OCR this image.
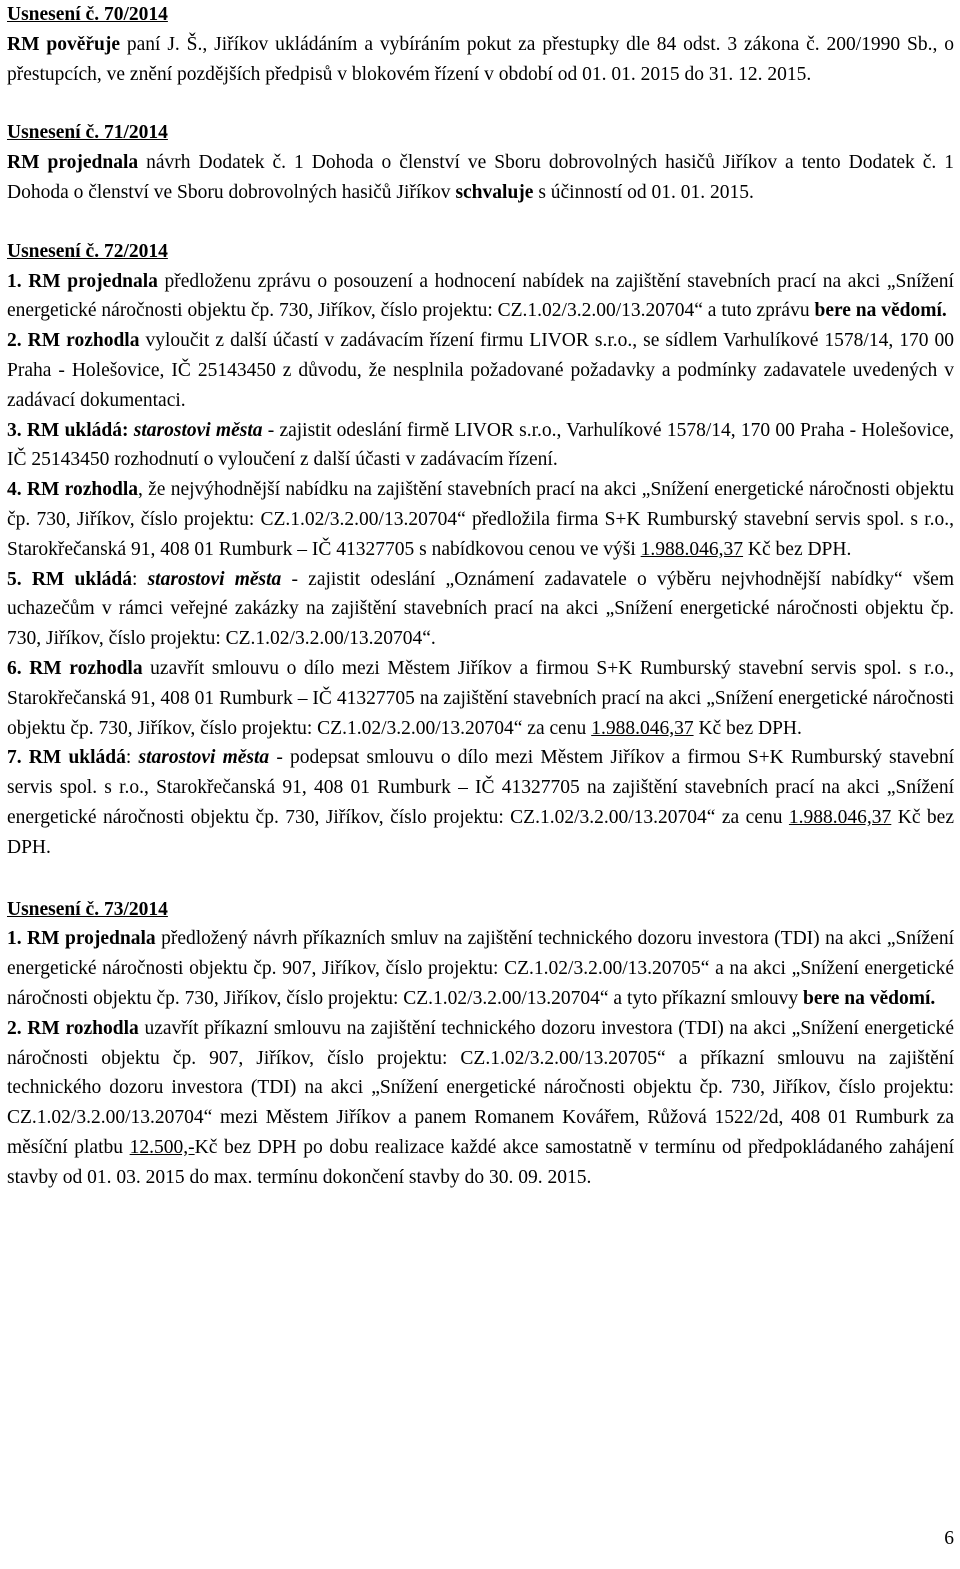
Usnesení č. 70/2014

RM pověřuje paní J. Š., Jiříkov ukládáním a vybíráním pokut za přestupky dle 84 odst. 3 zákona č. 200/1990 Sb., o přestupcích, ve znění pozdějších předpisů v blokovém řízení v období od 01. 01. 2015 do 31. 12. 2015.

Usnesení č. 71/2014

RM projednala návrh Dodatek č. 1 Dohoda o členství ve Sboru dobrovolných hasičů Jiříkov a tento Dodatek č. 1 Dohoda o členství ve Sboru dobrovolných hasičů Jiříkov schvaluje s účinností od 01. 01. 2015.

Usnesení č. 72/2014

1. RM projednala předloženu zprávu o posouzení a hodnocení nabídek na zajištění stavebních prací na akci „Snížení energetické náročnosti objektu čp. 730, Jiříkov, číslo projektu: CZ.1.02/3.2.00/13.20704“ a tuto zprávu bere na vědomí.

2. RM rozhodla vyloučit z další účastí v zadávacím řízení firmu LIVOR s.r.o., se sídlem Varhulíkové 1578/14, 170 00 Praha - Holešovice, IČ 25143450 z důvodu, že nesplnila požadované požadavky a podmínky zadavatele uvedených v zadávací dokumentaci.

3. RM ukládá: starostovi města - zajistit odeslání firmě LIVOR s.r.o., Varhulíkové 1578/14, 170 00 Praha - Holešovice, IČ 25143450 rozhodnutí o vyloučení z další účasti v zadávacím řízení.

4. RM rozhodla, že nejvýhodnější nabídku na zajištění stavebních prací na akci „Snížení energetické náročnosti objektu čp. 730, Jiříkov, číslo projektu: CZ.1.02/3.2.00/13.20704“ předložila firma S+K Rumburský stavební servis spol. s r.o., Starokřečanská 91, 408 01 Rumburk – IČ 41327705 s nabídkovou cenou ve výši 1.988.046,37 Kč bez DPH.

5. RM ukládá: starostovi města - zajistit odeslání „Oznámení zadavatele o výběru nejvhodnější nabídky“ všem uchazečům v rámci veřejné zakázky na zajištění stavebních prací na akci „Snížení energetické náročnosti objektu čp. 730, Jiříkov, číslo projektu: CZ.1.02/3.2.00/13.20704“.

6. RM rozhodla uzavřít smlouvu o dílo mezi Městem Jiříkov a firmou S+K Rumburský stavební servis spol. s r.o., Starokřečanská 91, 408 01 Rumburk – IČ 41327705 na zajištění stavebních prací na akci „Snížení energetické náročnosti objektu čp. 730, Jiříkov, číslo projektu: CZ.1.02/3.2.00/13.20704“ za cenu 1.988.046,37 Kč bez DPH.

7. RM ukládá: starostovi města - podepsat smlouvu o dílo mezi Městem Jiříkov a firmou S+K Rumburský stavební servis spol. s r.o., Starokřečanská 91, 408 01 Rumburk – IČ 41327705 na zajištění stavebních prací na akci „Snížení energetické náročnosti objektu čp. 730, Jiříkov, číslo projektu: CZ.1.02/3.2.00/13.20704“ za cenu 1.988.046,37 Kč bez DPH.

Usnesení č. 73/2014

1. RM projednala předložený návrh příkazních smluv na zajištění technického dozoru investora (TDI) na akci „Snížení energetické náročnosti objektu čp. 907, Jiříkov, číslo projektu: CZ.1.02/3.2.00/13.20705“ a na akci „Snížení energetické náročnosti objektu čp. 730, Jiříkov, číslo projektu: CZ.1.02/3.2.00/13.20704“ a tyto příkazní smlouvy bere na vědomí.

2. RM rozhodla uzavřít příkazní smlouvu na zajištění technického dozoru investora (TDI) na akci „Snížení energetické náročnosti objektu čp. 907, Jiříkov, číslo projektu: CZ.1.02/3.2.00/13.20705“ a příkazní smlouvu na zajištění technického dozoru investora (TDI) na akci „Snížení energetické náročnosti objektu čp. 730, Jiříkov, číslo projektu: CZ.1.02/3.2.00/13.20704“ mezi Městem Jiříkov a panem Romanem Kovářem, Růžová 1522/2d, 408 01 Rumburk za měsíční platbu 12.500,-Kč bez DPH po dobu realizace každé akce samostatně v termínu od předpokládaného zahájení stavby od 01. 03. 2015 do max. termínu dokončení stavby do 30. 09. 2015.

6
